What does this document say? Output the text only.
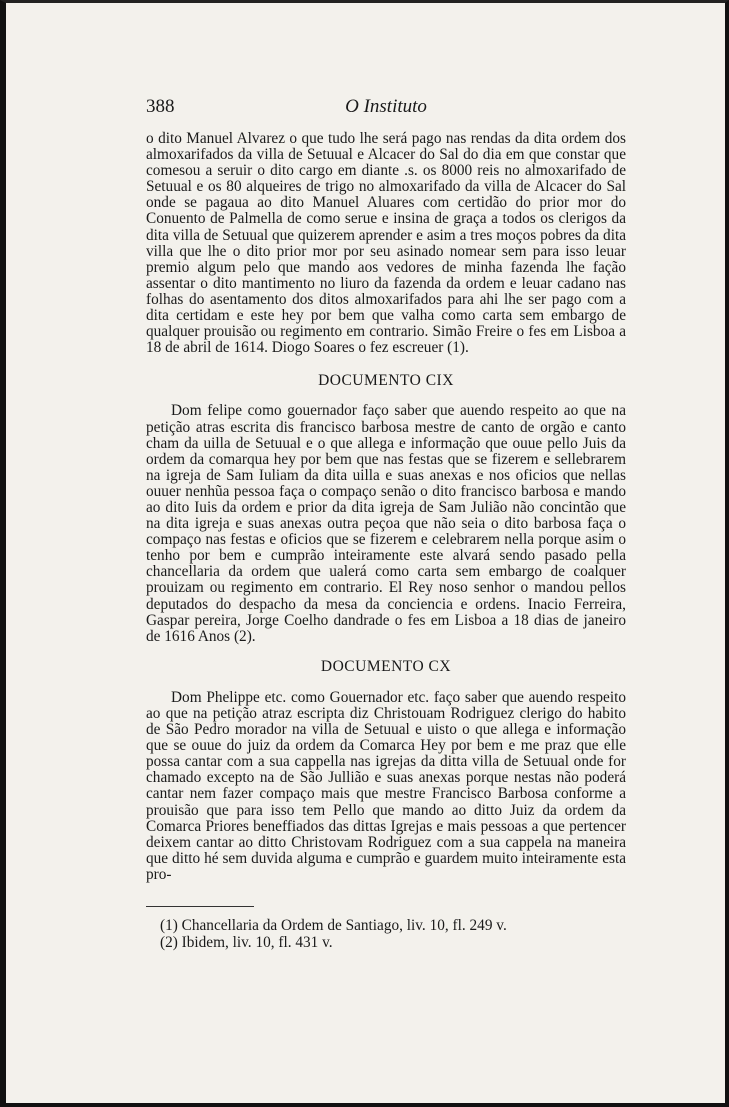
388	O Instituto

o dito Manuel Alvarez o que tudo lhe será pago nas rendas da dita ordem dos almoxarifados da villa de Setuual e Alcacer do Sal do dia em que constar que comesou a seruir o dito cargo em diante .s. os 8000 reis no almoxarifado de Setuual e os 80 alqueires de trigo no almoxarifado da villa de Alcacer do Sal onde se pagaua ao dito Manuel Aluares com certidão do prior mor do Conuento de Palmella de como serue e insina de graça a todos os clerigos da dita villa de Setuual que quizerem aprender e asim a tres moços pobres da dita villa que lhe o dito prior mor por seu asinado nomear sem para isso leuar premio algum pelo que mando aos vedores de minha fazenda lhe fação assentar o dito mantimento no liuro da fazenda da ordem e leuar cadano nas folhas do asentamento dos ditos almoxarifados para ahi lhe ser pago com a dita certidam e este hey por bem que valha como carta sem embargo de qualquer prouisão ou regimento em contrario. Simão Freire o fes em Lisboa a 18 de abril de 1614. Diogo Soares o fez escreuer (1).

DOCUMENTO CIX

Dom felipe como gouernador faço saber que auendo respeito ao que na petição atras escrita dis francisco barbosa mestre de canto de orgão e canto cham da uilla de Setuual e o que allega e informação que ouue pello Juis da ordem da comarqua hey por bem que nas festas que se fizerem e sellebrarem na igreja de Sam Iuliam da dita uilla e suas anexas e nos oficios que nellas ouuer nenhũa pessoa faça o compaço senão o dito francisco barbosa e mando ao dito Iuis da ordem e prior da dita igreja de Sam Julião não concintão que na dita igreja e suas anexas outra peçoa que não seia o dito barbosa faça o compaço nas festas e oficios que se fizerem e celebrarem nella porque asim o tenho por bem e cumprão inteiramente este alvará sendo pasado pella chancellaria da ordem que ualerá como carta sem embargo de coalquer prouizam ou regimento em contrario. El Rey noso senhor o mandou pellos deputados do despacho da mesa da conciencia e ordens. Inacio Ferreira, Gaspar pereira, Jorge Coelho dandrade o fes em Lisboa a 18 dias de janeiro de 1616 Anos (2).

DOCUMENTO CX

Dom Phelippe etc. como Gouernador etc. faço saber que auendo respeito ao que na petição atraz escripta diz Christouam Rodriguez clerigo do habito de São Pedro morador na villa de Setuual e uisto o que allega e informação que se ouue do juiz da ordem da Comarca Hey por bem e me praz que elle possa cantar com a sua cappella nas igrejas da ditta villa de Setuual onde for chamado excepto na de São Jullião e suas anexas porque nestas não poderá cantar nem fazer compaço mais que mestre Francisco Barbosa conforme a prouisão que para isso tem Pello que mando ao ditto Juiz da ordem da Comarca Priores beneffiados das dittas Igrejas e mais pessoas a que pertencer deixem cantar ao ditto Christovam Rodriguez com a sua cappela na maneira que ditto hé sem duvida alguma e cumprão e guardem muito inteiramente esta pro-

(1) Chancellaria da Ordem de Santiago, liv. 10, fl. 249 v.
(2) Ibidem, liv. 10, fl. 431 v.
